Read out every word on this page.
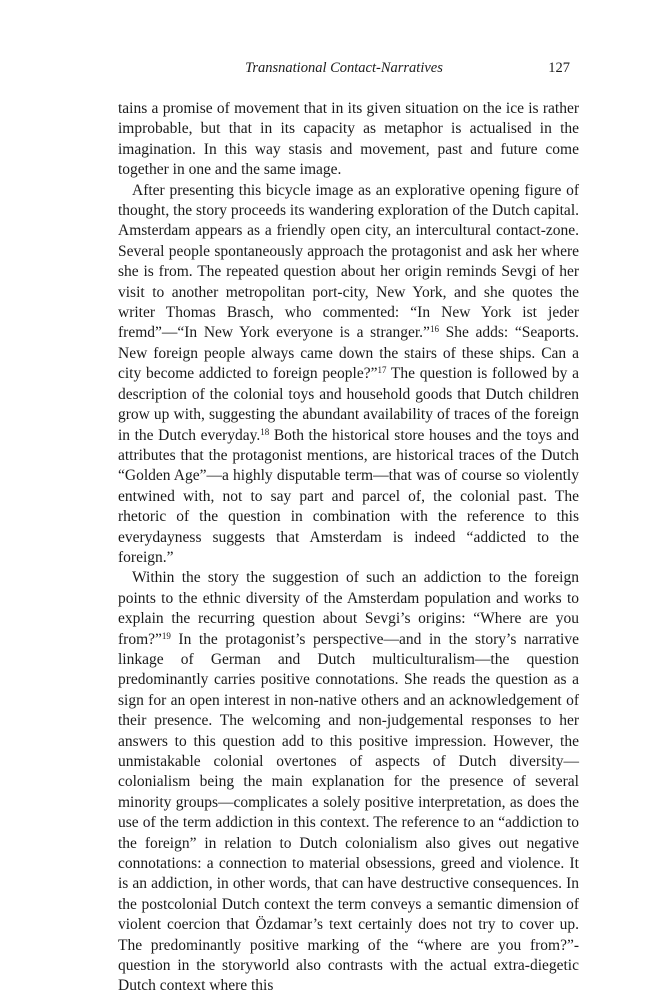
Transnational Contact-Narratives	127

tains a promise of movement that in its given situation on the ice is rather improbable, but that in its capacity as metaphor is actualised in the imagination. In this way stasis and movement, past and future come together in one and the same image.

After presenting this bicycle image as an explorative opening figure of thought, the story proceeds its wandering exploration of the Dutch capital. Amsterdam appears as a friendly open city, an intercultural contact-zone. Several people spontaneously approach the protagonist and ask her where she is from. The repeated question about her origin reminds Sevgi of her visit to another metropolitan port-city, New York, and she quotes the writer Thomas Brasch, who commented: “In New York ist jeder fremd”—“In New York everyone is a stranger.”$^{16}$ She adds: “Seaports. New foreign people always came down the stairs of these ships. Can a city become addicted to foreign people?”$^{17}$ The question is followed by a description of the colonial toys and household goods that Dutch children grow up with, suggesting the abundant availability of traces of the foreign in the Dutch everyday.$^{18}$ Both the historical store houses and the toys and attributes that the protagonist mentions, are historical traces of the Dutch “Golden Age”—a highly disputable term—that was of course so violently entwined with, not to say part and parcel of, the colonial past. The rhetoric of the question in combination with the reference to this everydayness suggests that Amsterdam is indeed “addicted to the foreign.”

Within the story the suggestion of such an addiction to the foreign points to the ethnic diversity of the Amsterdam population and works to explain the recurring question about Sevgi’s origins: “Where are you from?”$^{19}$ In the protagonist’s perspective—and in the story’s narrative linkage of German and Dutch multiculturalism—the question predominantly carries positive connotations. She reads the question as a sign for an open interest in non-native others and an acknowledgement of their presence. The welcoming and non-judgemental responses to her answers to this question add to this positive impression. However, the unmistakable colonial overtones of aspects of Dutch diversity—colonialism being the main explanation for the presence of several minority groups—complicates a solely positive interpretation, as does the use of the term addiction in this context. The reference to an “addiction to the foreign” in relation to Dutch colonialism also gives out negative connotations: a connection to material obsessions, greed and violence. It is an addiction, in other words, that can have destructive consequences. In the postcolonial Dutch context the term conveys a semantic dimension of violent coercion that Özdamar’s text certainly does not try to cover up. The predominantly positive marking of the “where are you from?”-question in the storyworld also contrasts with the actual extra-diegetic Dutch context where this
